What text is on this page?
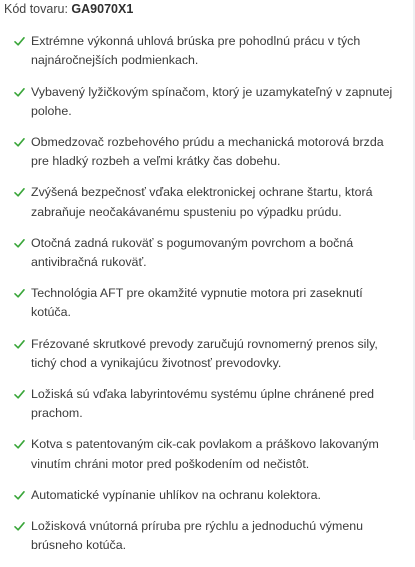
Kód tovaru: GA9070X1
Extrémne výkonná uhlová brúska pre pohodlnú prácu v tých najnáročnejších podmienkach.
Vybavený lyžičkovým spínačom, ktorý je uzamykateľný v zapnutej polohe.
Obmedzovač rozbehového prúdu a mechanická motorová brzda pre hladký rozbeh a veľmi krátky čas dobehu.
Zvýšená bezpečnosť vďaka elektronickej ochrane štartu, ktorá zabraňuje neočakávanému spusteniu po výpadku prúdu.
Otočná zadná rukoväť s pogumovaným povrchom a bočná antivibračná rukoväť.
Technológia AFT pre okamžité vypnutie motora pri zaseknutí kotúča.
Frézované skrutkové prevody zaručujú rovnomerný prenos sily, tichý chod a vynikajúcu životnosť prevodovky.
Ložiská sú vďaka labyrintovému systému úplne chránené pred prachom.
Kotva s patentovaným cik-cak povlakom a práškovo lakovaným vinutím chráni motor pred poškodením od nečistôt.
Automatické vypínanie uhlíkov na ochranu kolektora.
Ložisková vnútorná príruba pre rýchlu a jednoduchú výmenu brúsneho kotúča.
